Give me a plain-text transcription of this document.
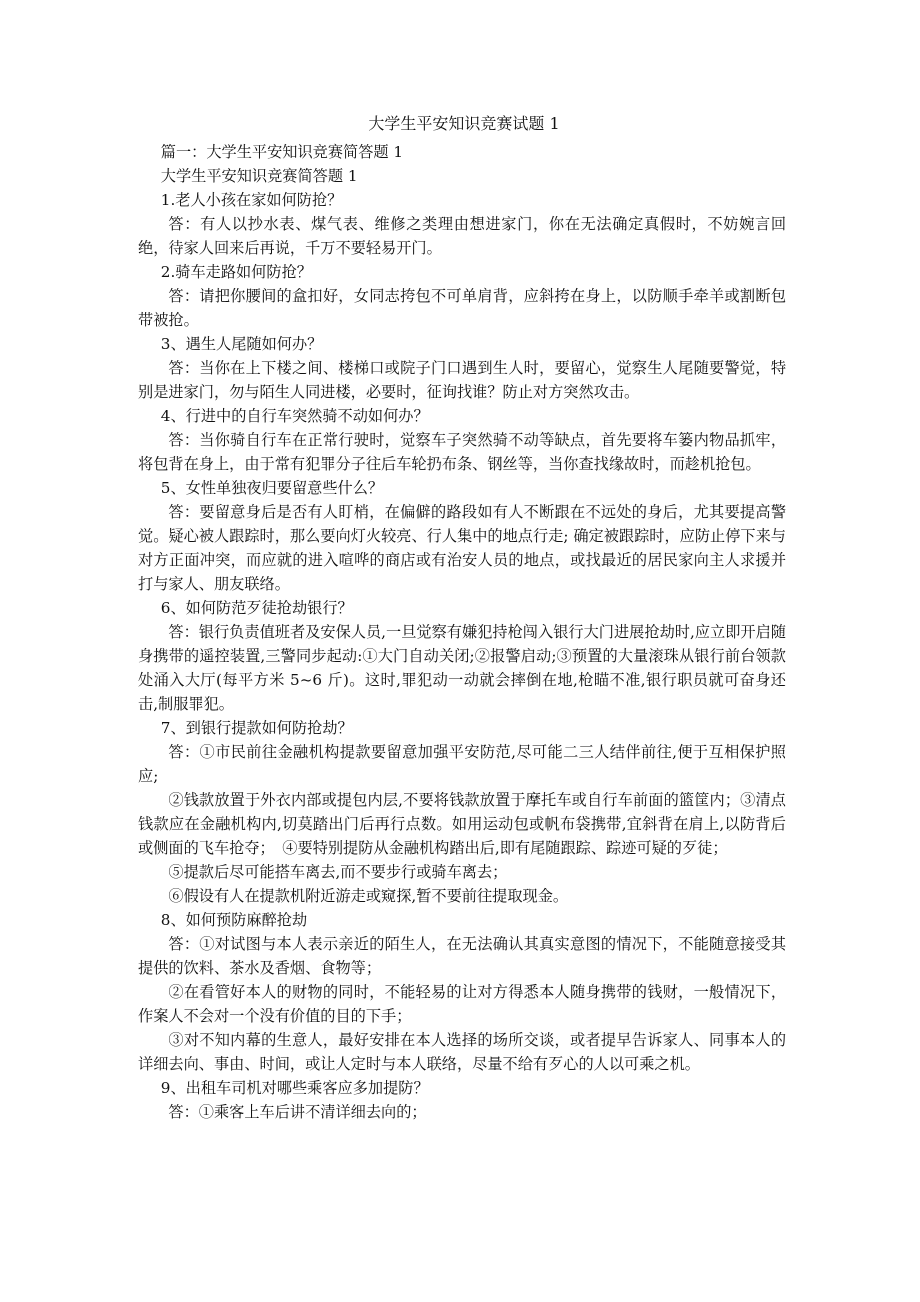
大学生平安知识竞赛试题 1

篇一：大学生平安知识竞赛简答题 1

大学生平安知识竞赛简答题 1

1.老人小孩在家如何防抢？

答：有人以抄水表、煤气表、维修之类理由想进家门，你在无法确定真假时，不妨婉言回绝，待家人回来后再说，千万不要轻易开门。

2.骑车走路如何防抢？

答：请把你腰间的盒扣好，女同志挎包不可单肩背，应斜挎在身上，以防顺手牵羊或割断包带被抢。

3、遇生人尾随如何办？

答：当你在上下楼之间、楼梯口或院子门口遇到生人时，要留心，觉察生人尾随要警觉，特别是进家门，勿与陌生人同进楼，必要时，征询找谁？防止对方突然攻击。

4、行进中的自行车突然骑不动如何办？

答：当你骑自行车在正常行驶时，觉察车子突然骑不动等缺点，首先要将车篓内物品抓牢，将包背在身上，由于常有犯罪分子往后车轮扔布条、钢丝等，当你查找缘故时，而趁机抢包。

5、女性单独夜归要留意些什么？

答：要留意身后是否有人盯梢，在偏僻的路段如有人不断跟在不远处的身后，尤其要提高警觉。疑心被人跟踪时，那么要向灯火较亮、行人集中的地点行走; 确定被跟踪时，应防止停下来与对方正面冲突，而应就的进入喧哗的商店或有治安人员的地点，或找最近的居民家向主人求援并打与家人、朋友联络。

6、如何防范歹徒抢劫银行？

答：银行负责值班者及安保人员,一旦觉察有嫌犯持枪闯入银行大门进展抢劫时,应立即开启随身携带的遥控装置,三警同步起动:①大门自动关闭;②报警启动;③预置的大量滚珠从银行前台领款处涌入大厅(每平方米 5~6 斤)。这时,罪犯动一动就会摔倒在地,枪瞄不准,银行职员就可奋身还击,制服罪犯。

7、到银行提款如何防抢劫？

答：①市民前往金融机构提款要留意加强平安防范,尽可能二三人结伴前往,便于互相保护照应;

②钱款放置于外衣内部或提包内层,不要将钱款放置于摩托车或自行车前面的篮筐内；③清点钱款应在金融机构内,切莫踏出门后再行点数。如用运动包或帆布袋携带,宜斜背在肩上,以防背后或侧面的飞车抢夺；　④要特别提防从金融机构踏出后,即有尾随跟踪、踪迹可疑的歹徒；

⑤提款后尽可能搭车离去,而不要步行或骑车离去；

⑥假设有人在提款机附近游走或窥探,暂不要前往提取现金。

8、如何预防麻醉抢劫

答：①对试图与本人表示亲近的陌生人，在无法确认其真实意图的情况下，不能随意接受其提供的饮料、茶水及香烟、食物等；

②在看管好本人的财物的同时，不能轻易的让对方得悉本人随身携带的钱财，一般情况下，作案人不会对一个没有价值的目的下手；

③对不知内幕的生意人，最好安排在本人选择的场所交谈，或者提早告诉家人、同事本人的详细去向、事由、时间，或让人定时与本人联络，尽量不给有歹心的人以可乘之机。

9、出租车司机对哪些乘客应多加提防？

答：①乘客上车后讲不清详细去向的；
